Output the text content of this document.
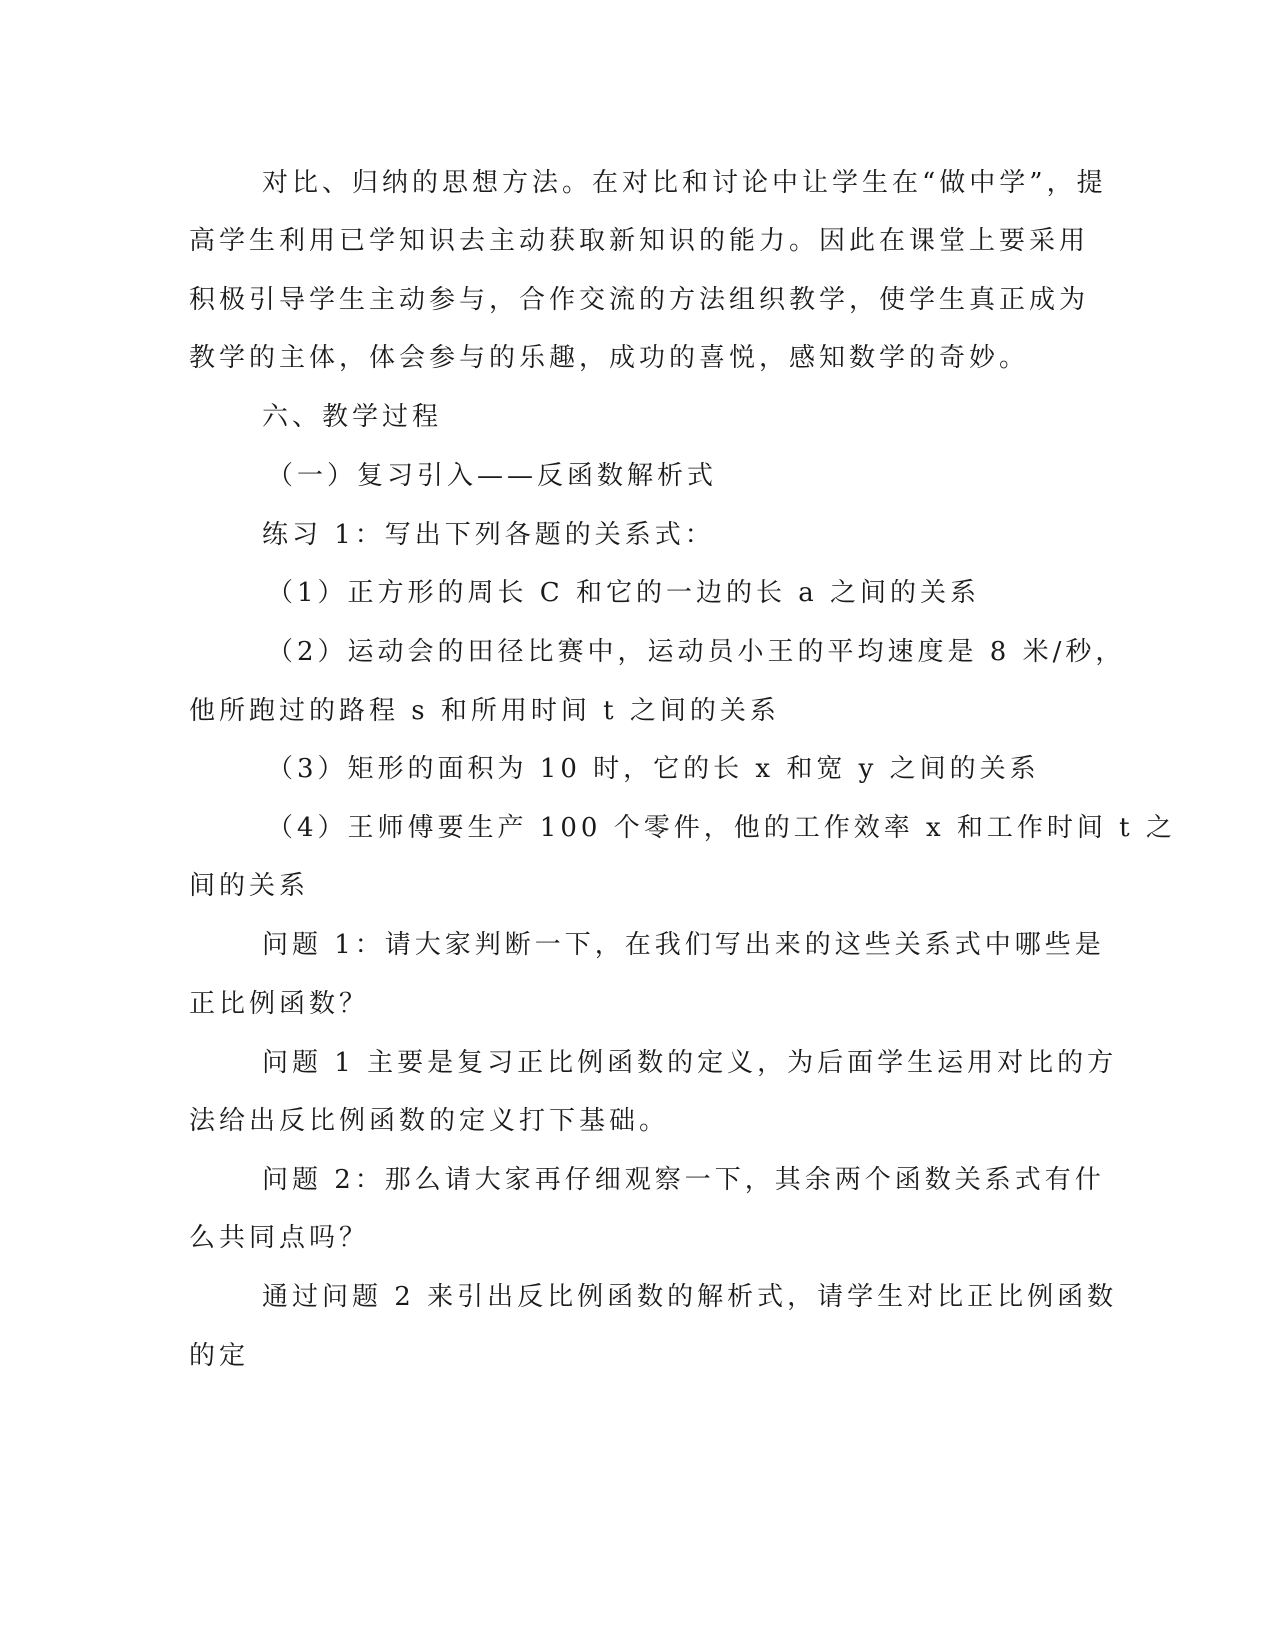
对比、归纳的思想方法。在对比和讨论中让学生在“做中学”，提
高学生利用已学知识去主动获取新知识的能力。因此在课堂上要采用
积极引导学生主动参与，合作交流的方法组织教学，使学生真正成为
教学的主体，体会参与的乐趣，成功的喜悦，感知数学的奇妙。
六、教学过程
（一）复习引入——反函数解析式
练习 1：写出下列各题的关系式：
（1）正方形的周长 C 和它的一边的长 a 之间的关系
（2）运动会的田径比赛中，运动员小王的平均速度是 8 米/秒，
他所跑过的路程 s 和所用时间 t 之间的关系
（3）矩形的面积为 10 时，它的长 x 和宽 y 之间的关系
（4）王师傅要生产 100 个零件，他的工作效率 x 和工作时间 t 之
间的关系
问题 1：请大家判断一下，在我们写出来的这些关系式中哪些是
正比例函数？
问题 1 主要是复习正比例函数的定义，为后面学生运用对比的方
法给出反比例函数的定义打下基础。
问题 2：那么请大家再仔细观察一下，其余两个函数关系式有什
么共同点吗？
通过问题 2 来引出反比例函数的解析式，请学生对比正比例函数
的定
